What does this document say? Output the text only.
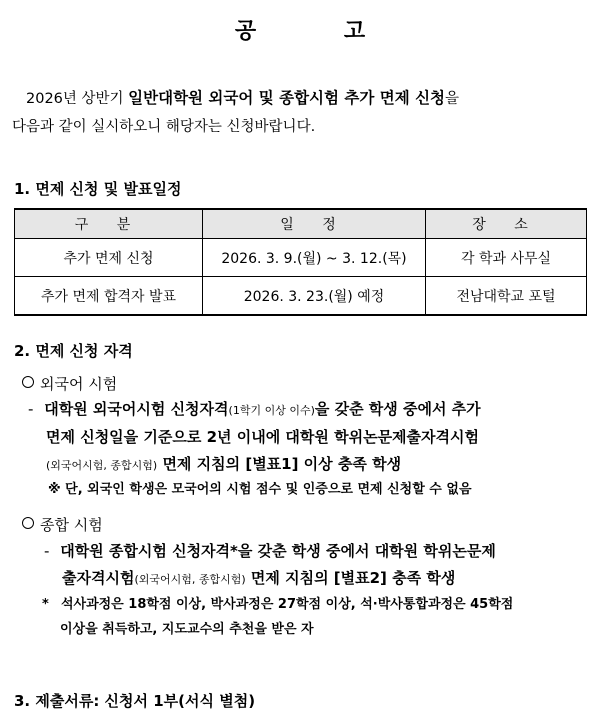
공 고
2026년 상반기 일반대학원 외국어 및 종합시험 추가 면제 신청을
다음과 같이 실시하오니 해당자는 신청바랍니다.
1. 면제 신청 및 발표일정
구 분	일 정	장 소
추가 면제 신청	2026. 3. 9.(월) ~ 3. 12.(목)	각 학과 사무실
추가 면제 합격자 발표	2026. 3. 23.(월) 예정	전남대학교 포털
2. 면제 신청 자격
외국어 시험
- 대학원 외국어시험 신청자격(1학기 이상 이수)을 갖춘 학생 중에서 추가
면제 신청일을 기준으로 2년 이내에 대학원 학위논문제출자격시험
(외국어시험, 종합시험) 면제 지침의 [별표1] 이상 충족 학생
※ 단, 외국인 학생은 모국어의 시험 점수 및 인증으로 면제 신청할 수 없음
종합 시험
- 대학원 종합시험 신청자격*을 갖춘 학생 중에서 대학원 학위논문제
출자격시험(외국어시험, 종합시험) 면제 지침의 [별표2] 충족 학생
* 석사과정은 18학점 이상, 박사과정은 27학점 이상, 석·박사통합과정은 45학점
이상을 취득하고, 지도교수의 추천을 받은 자
3. 제출서류: 신청서 1부(서식 별첨)
